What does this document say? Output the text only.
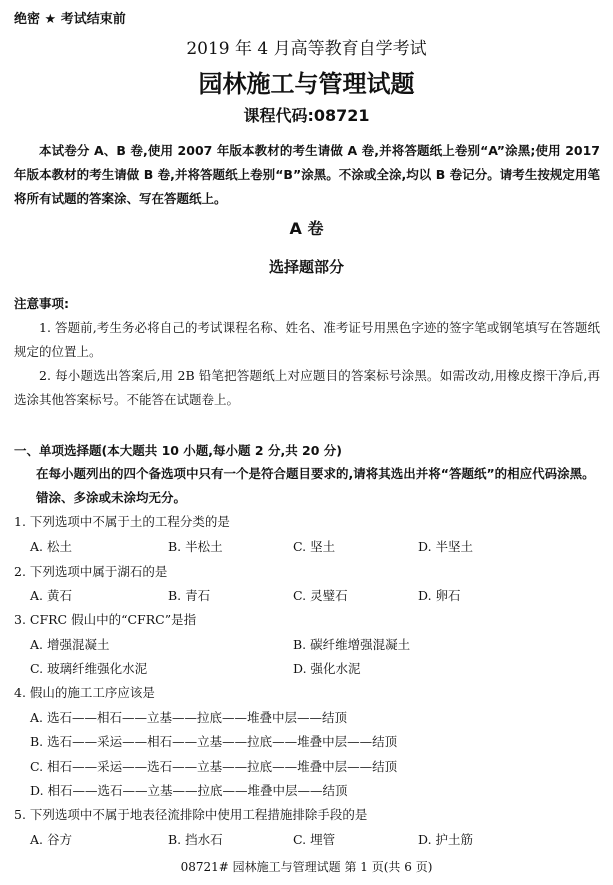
绝密 ★ 考试结束前
2019 年 4 月高等教育自学考试
园林施工与管理试题
课程代码:08721
本试卷分 A、B 卷,使用 2007 年版本教材的考生请做 A 卷,并将答题纸上卷别“A”涂黑;使用 2017 年版本教材的考生请做 B 卷,并将答题纸上卷别“B”涂黑。不涂或全涂,均以 B 卷记分。请考生按规定用笔将所有试题的答案涂、写在答题纸上。
A 卷
选择题部分
注意事项:
1. 答题前,考生务必将自己的考试课程名称、姓名、准考证号用黑色字迹的签字笔或钢笔填写在答题纸规定的位置上。
2. 每小题选出答案后,用 2B 铅笔把答题纸上对应题目的答案标号涂黑。如需改动,用橡皮擦干净后,再选涂其他答案标号。不能答在试题卷上。
一、单项选择题(本大题共 10 小题,每小题 2 分,共 20 分)
在每小题列出的四个备选项中只有一个是符合题目要求的,请将其选出并将“答题纸”的相应代码涂黑。错涂、多涂或未涂均无分。
1. 下列选项中不属于土的工程分类的是
A. 松土	B. 半松土	C. 坚土	D. 半坚土
2. 下列选项中属于湖石的是
A. 黄石	B. 青石	C. 灵璧石	D. 卵石
3. CFRC 假山中的“CFRC”是指
A. 增强混凝土	B. 碳纤维增强混凝土
C. 玻璃纤维强化水泥	D. 强化水泥
4. 假山的施工工序应该是
A. 选石——相石——立基——拉底——堆叠中层——结顶
B. 选石——采运——相石——立基——拉底——堆叠中层——结顶
C. 相石——采运——选石——立基——拉底——堆叠中层——结顶
D. 相石——选石——立基——拉底——堆叠中层——结顶
5. 下列选项中不属于地表径流排除中使用工程措施排除手段的是
A. 谷方	B. 挡水石	C. 埋管	D. 护土筋
08721# 园林施工与管理试题 第 1 页(共 6 页)
